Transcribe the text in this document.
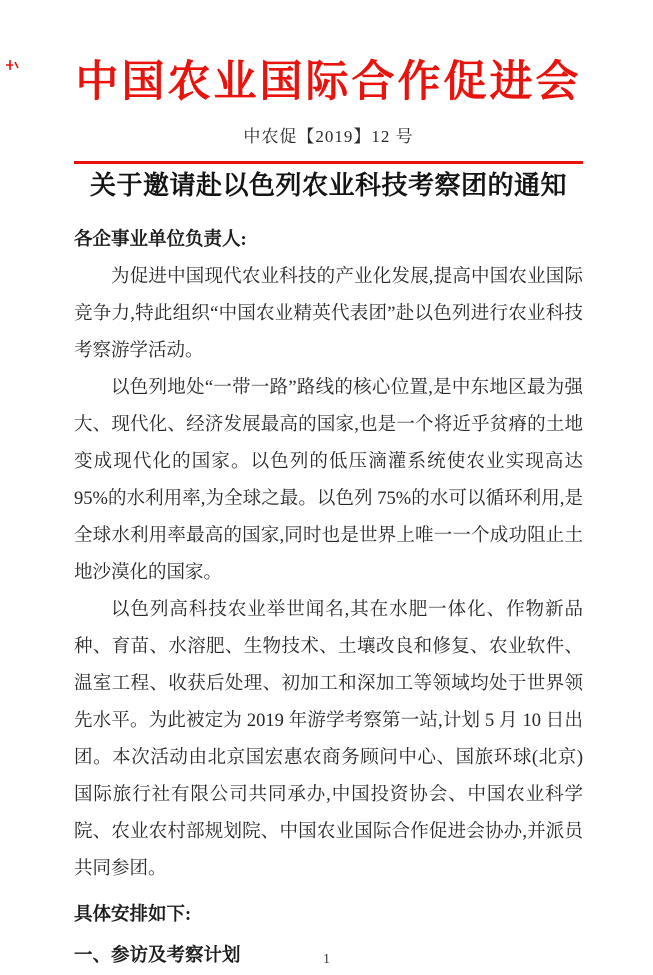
中国农业国际合作促进会
中农促【2019】12 号
关于邀请赴以色列农业科技考察团的通知

各企事业单位负责人:

为促进中国现代农业科技的产业化发展,提高中国农业国际竞争力,特此组织“中国农业精英代表团”赴以色列进行农业科技考察游学活动。

以色列地处“一带一路”路线的核心位置,是中东地区最为强大、现代化、经济发展最高的国家,也是一个将近乎贫瘠的土地变成现代化的国家。以色列的低压滴灌系统使农业实现高达 95%的水利用率,为全球之最。以色列 75%的水可以循环利用,是全球水利用率最高的国家,同时也是世界上唯一一个成功阻止土地沙漠化的国家。

以色列高科技农业举世闻名,其在水肥一体化、作物新品种、育苗、水溶肥、生物技术、土壤改良和修复、农业软件、温室工程、收获后处理、初加工和深加工等领域均处于世界领先水平。为此被定为 2019 年游学考察第一站,计划 5 月 10 日出团。本次活动由北京国宏惠农商务顾问中心、国旅环球(北京)国际旅行社有限公司共同承办,中国投资协会、中国农业科学院、农业农村部规划院、中国农业国际合作促进会协办,并派员共同参团。

具体安排如下:

一、参访及考察计划	1
